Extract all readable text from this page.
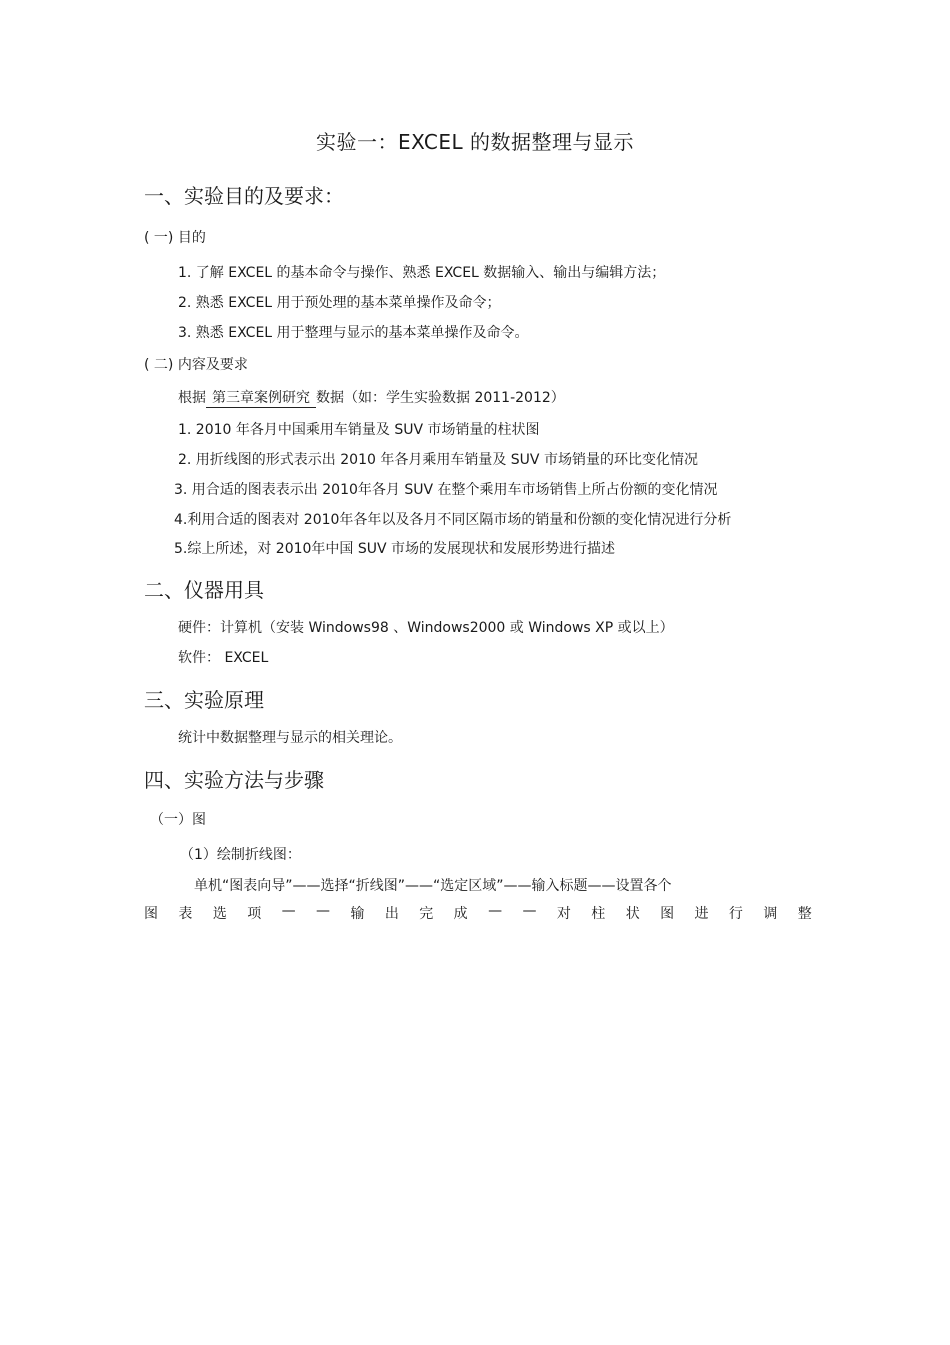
实验一：EXCEL 的数据整理与显示
一、实验目的及要求：
( 一) 目的
1. 了解 EXCEL 的基本命令与操作、熟悉 EXCEL 数据输入、输出与编辑方法；
2. 熟悉 EXCEL 用于预处理的基本菜单操作及命令；
3. 熟悉 EXCEL 用于整理与显示的基本菜单操作及命令。
( 二) 内容及要求
根据 第三章案例研究 数据（如：学生实验数据 2011-2012）
1. 2010 年各月中国乘用车销量及 SUV 市场销量的柱状图
2. 用折线图的形式表示出 2010 年各月乘用车销量及 SUV 市场销量的环比变化情况
3. 用合适的图表表示出 2010年各月 SUV 在整个乘用车市场销售上所占份额的变化情况
4.利用合适的图表对 2010年各年以及各月不同区隔市场的销量和份额的变化情况进行分析
5.综上所述，对 2010年中国 SUV 市场的发展现状和发展形势进行描述
二、仪器用具
硬件：计算机（安装 Windows98 、Windows2000 或 Windows XP 或以上）
软件： EXCEL
三、实验原理
统计中数据整理与显示的相关理论。
四、实验方法与步骤
（一）图
（1）绘制折线图：
单机“图表向导”——选择“折线图”——“选定区域”——输入标题——设置各个
图 表 选 项 — — 输 出 完 成 — — 对 柱 状 图 进 行 调 整
